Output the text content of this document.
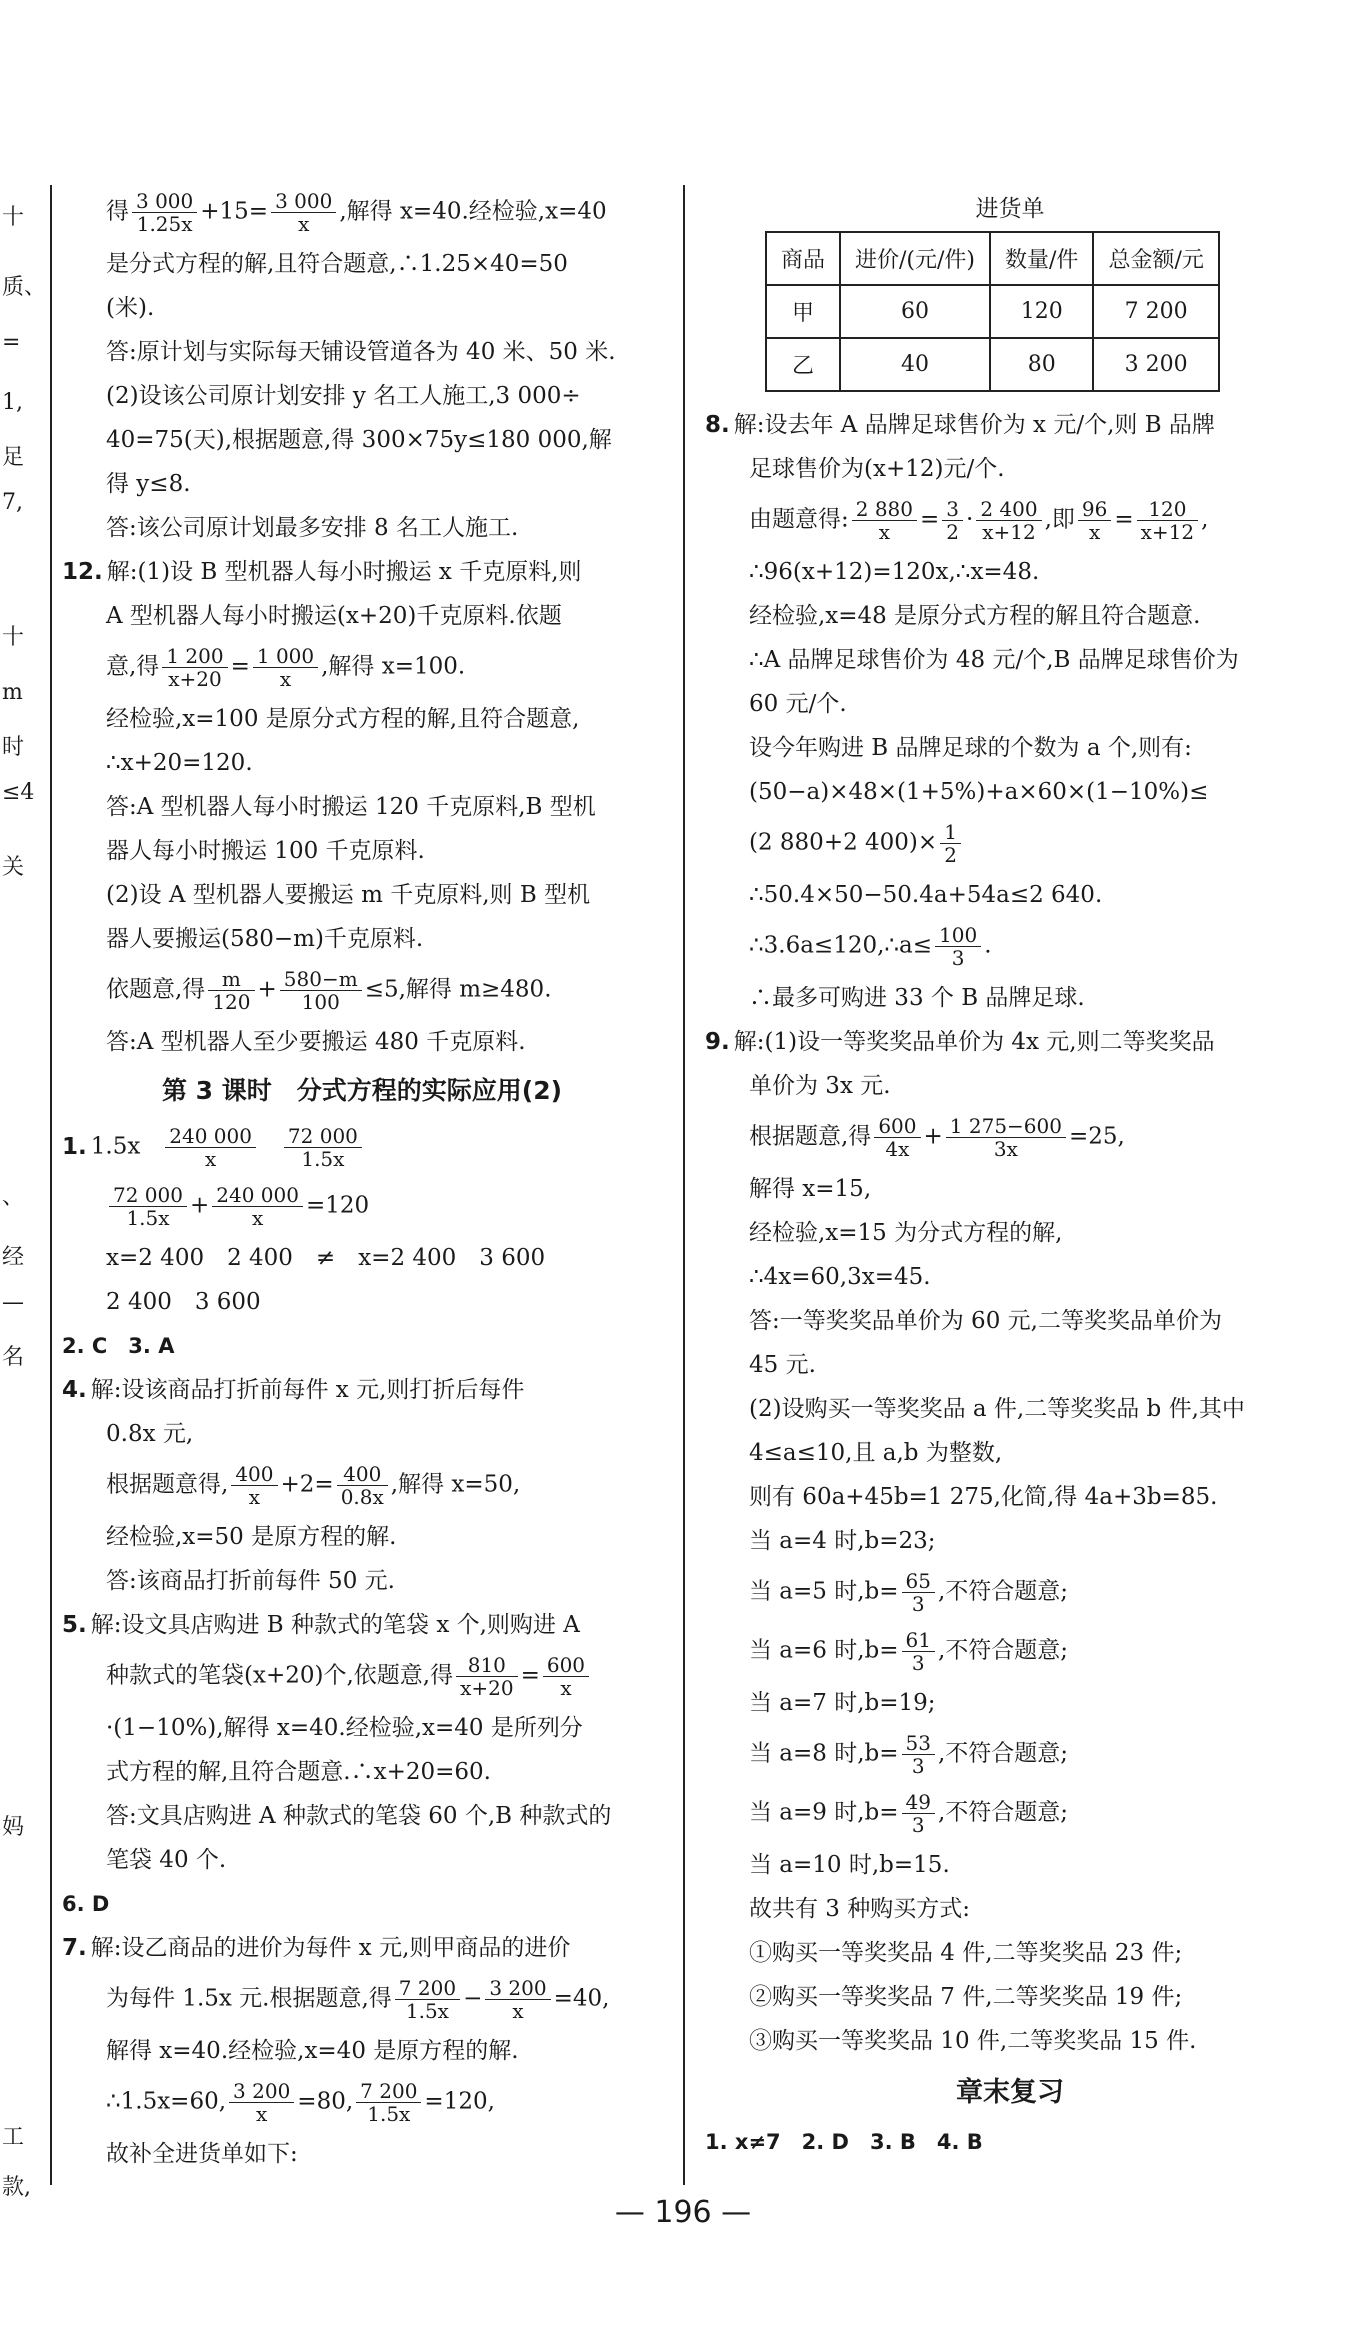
十
质、
=
1,
足
7,
十
m
时
≤4
关
、
经
—
名
妈
工
款,
得 $\frac{3 000}{1.25x} +15= \frac{3 000}{x}$ ,解得 x=40.经检验,x=40
是分式方程的解,且符合题意,∴1.25×40=50
(米).
答:原计划与实际每天铺设管道各为 40 米、50 米.
(2)设该公司原计划安排 y 名工人施工,3 000÷
40=75(天),根据题意,得 300×75y≤180 000,解
得 y≤8.
答:该公司原计划最多安排 8 名工人施工.
12. 解:(1)设 B 型机器人每小时搬运 x 千克原料,则
A 型机器人每小时搬运(x+20)千克原料.依题
意,得 $\frac{1 200}{x+20} = \frac{1 000}{x}$ ,解得 x=100.
经检验,x=100 是原分式方程的解,且符合题意,
∴x+20=120.
答:A 型机器人每小时搬运 120 千克原料,B 型机
器人每小时搬运 100 千克原料.
(2)设 A 型机器人要搬运 m 千克原料,则 B 型机
器人要搬运(580−m)千克原料.
依题意,得 $\frac{m}{120} + \frac{580-m}{100} \le 5$,解得 m≥480.
答:A 型机器人至少要搬运 480 千克原料.
第 3 课时　分式方程的实际应用(2)
1. $1.5x \frac{240 000}{x}$
$\frac{72 000}{1.5x}$
$\frac{72 000}{1.5x} + \frac{240 000}{x} =120$
x=2 400　2 400　≠　x=2 400　3 600
2 400　3 600
2. C　3. A
4. 解:设该商品打折前每件 x 元,则打折后每件
0.8x 元,
根据题意得, $\frac{400}{x} +2= \frac{400}{0.8x}$ ,解得 x=50,
经检验,x=50 是原方程的解.
答:该商品打折前每件 50 元.
5. 解:设文具店购进 B 种款式的笔袋 x 个,则购进 A
种款式的笔袋(x+20)个,依题意,得 $\frac{810}{x+20} = \frac{600}{x}$
·(1−10%),解得 x=40.经检验,x=40 是所列分
式方程的解,且符合题意.∴x+20=60.
答:文具店购进 A 种款式的笔袋 60 个,B 种款式的
笔袋 40 个.
6. D
7. 解:设乙商品的进价为每件 x 元,则甲商品的进价
为每件 1.5x 元.根据题意,得 $\frac{7 200}{1.5x} - \frac{3 200}{x} =40$,
解得 x=40.经检验,x=40 是原方程的解.
∴1.5x=60, $\frac{3 200}{x} =80$, $\frac{7 200}{1.5x} =120$,
故补全进货单如下:
进货单
商品	进价/(元/件)	数量/件	总金额/元
甲	60	120	7 200
乙	40	80	3 200
8. 解:设去年 A 品牌足球售价为 x 元/个,则 B 品牌
足球售价为(x+12)元/个.
由题意得: $\frac{2 880}{x} = \frac{3}{2} \cdot \frac{2 400}{x+12}$ ,即 $\frac{96}{x} = \frac{120}{x+12}$ ,
∴96(x+12)=120x,∴x=48.
经检验,x=48 是原分式方程的解且符合题意.
∴A 品牌足球售价为 48 元/个,B 品牌足球售价为
60 元/个.
设今年购进 B 品牌足球的个数为 a 个,则有:
(50−a)×48×(1+5%)+a×60×(1−10%)≤
(2 880+2 $400)\times \frac{1}{2}$
∴50.4×50−50.4a+54a≤2 640.
∴3.6a≤120,∴a≤ $\frac{100}{3}$ .
∴最多可购进 33 个 B 品牌足球.
9. 解:(1)设一等奖奖品单价为 4x 元,则二等奖奖品
单价为 3x 元.
根据题意,得 $\frac{600}{4x} + \frac{1 275-600}{3x} =25$,
解得 x=15,
经检验,x=15 为分式方程的解,
∴4x=60,3x=45.
答:一等奖奖品单价为 60 元,二等奖奖品单价为
45 元.
(2)设购买一等奖奖品 a 件,二等奖奖品 b 件,其中
4≤a≤10,且 a,b 为整数,
则有 60a+45b=1 275,化简,得 4a+3b=85.
当 a=4 时,b=23;
当 a=5 时$,b= \frac{65}{3}$ ,不符合题意;
当 a=6 时$,b= \frac{61}{3}$ ,不符合题意;
当 a=7 时,b=19;
当 a=8 时$,b= \frac{53}{3}$ ,不符合题意;
当 a=9 时$,b= \frac{49}{3}$ ,不符合题意;
当 a=10 时,b=15.
故共有 3 种购买方式:
①购买一等奖奖品 4 件,二等奖奖品 23 件;
②购买一等奖奖品 7 件,二等奖奖品 19 件;
③购买一等奖奖品 10 件,二等奖奖品 15 件.
章末复习
1. x≠7　2. D　3. B　4. B
— 196 —
